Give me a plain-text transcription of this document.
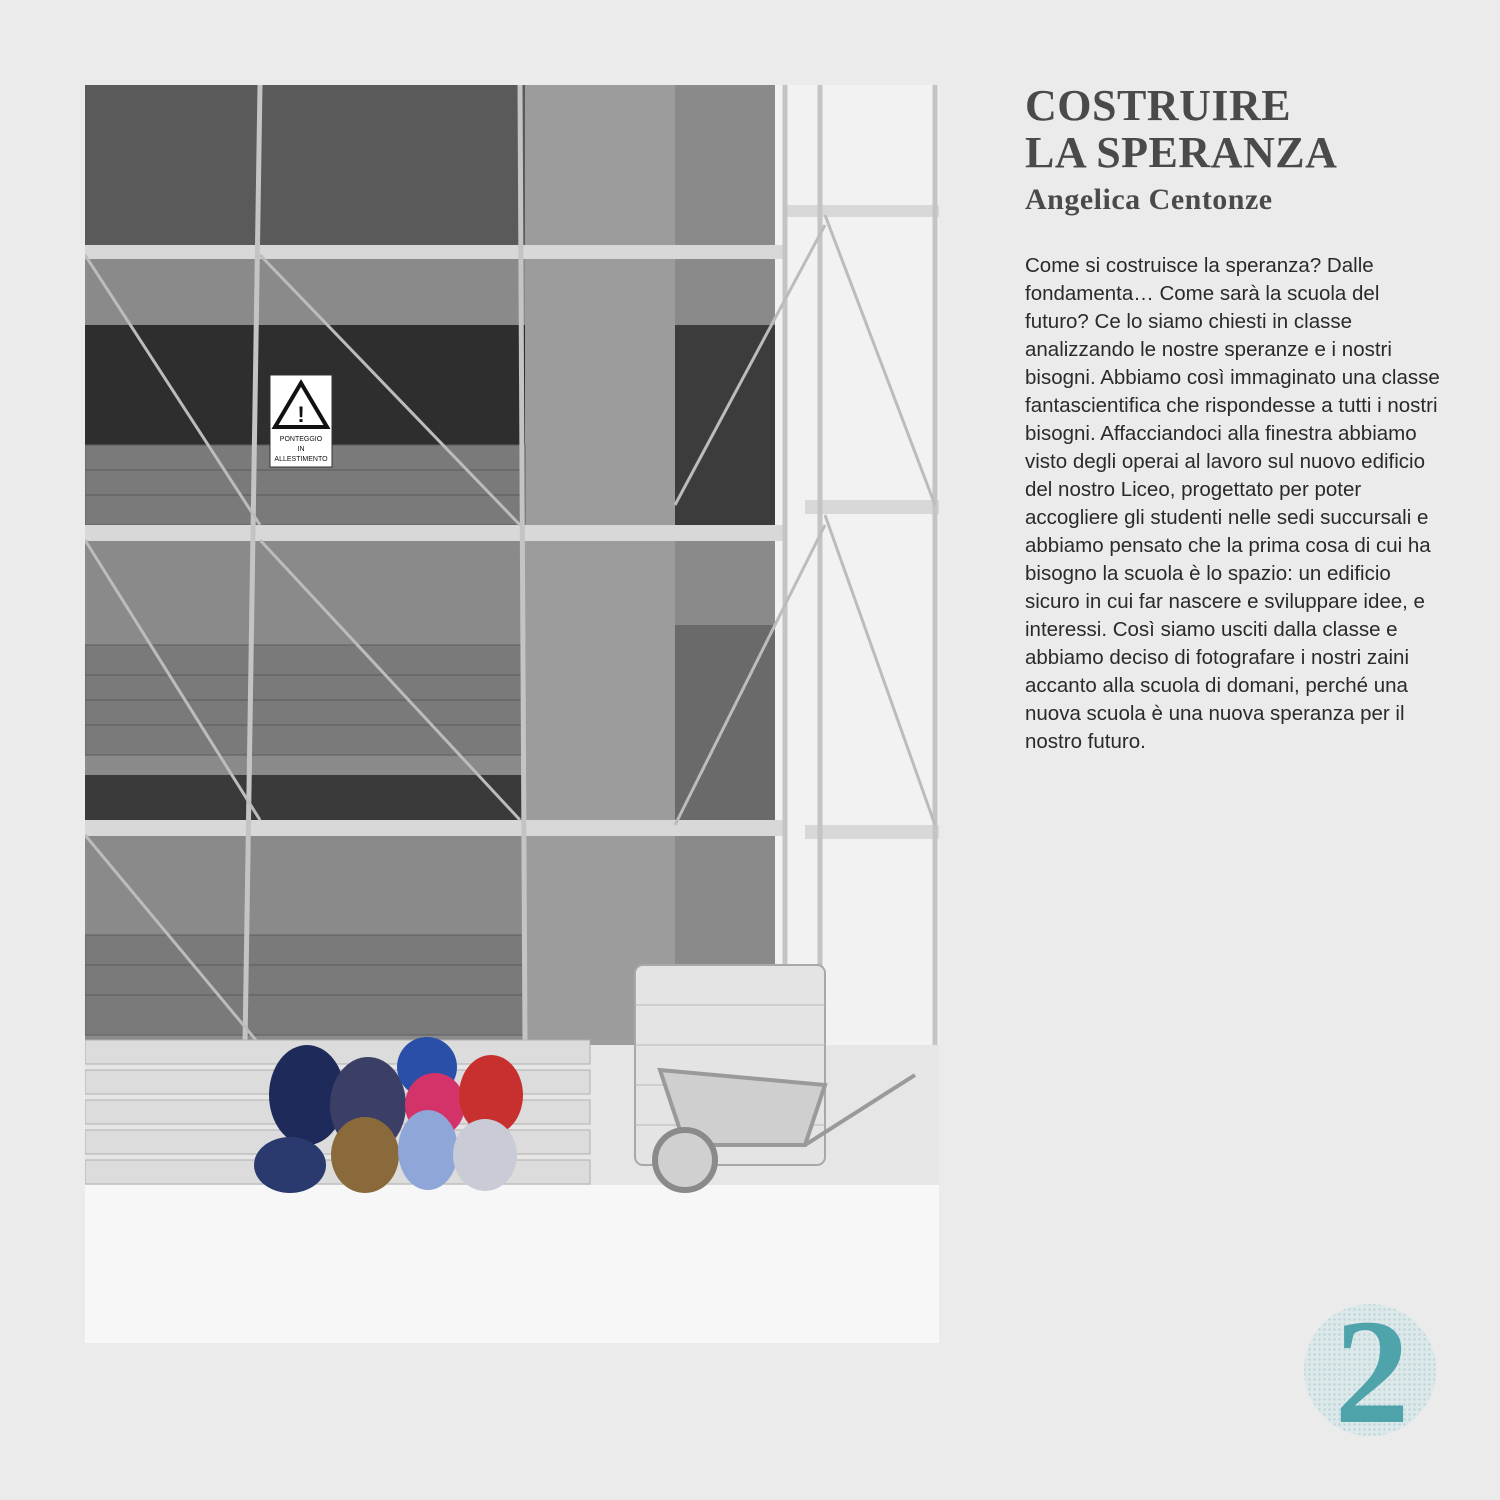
!
PONTEGGIO
IN
ALLESTIMENTO
COSTRUIRE
LA SPERANZA

Angelica Centonze

Come si costruisce la speranza? Dalle fondamenta… Come sarà la scuola del futuro? Ce lo siamo chiesti in classe analizzando le nostre speranze e i nostri bisogni. Abbiamo così immaginato una classe fantascientifica che rispondesse a tutti i nostri bisogni. Affacciandoci alla finestra abbiamo visto degli operai al lavoro sul nuovo edificio del nostro Liceo, progettato per poter accogliere gli studenti nelle sedi succursali e abbiamo pensato che la prima cosa di cui ha bisogno la scuola è lo spazio: un edificio sicuro in cui far nascere e sviluppare idee, e interessi. Così siamo usciti dalla classe e abbiamo deciso di fotografare i nostri zaini accanto alla scuola di domani, perché una nuova scuola è una nuova speranza per il nostro futuro.

2
